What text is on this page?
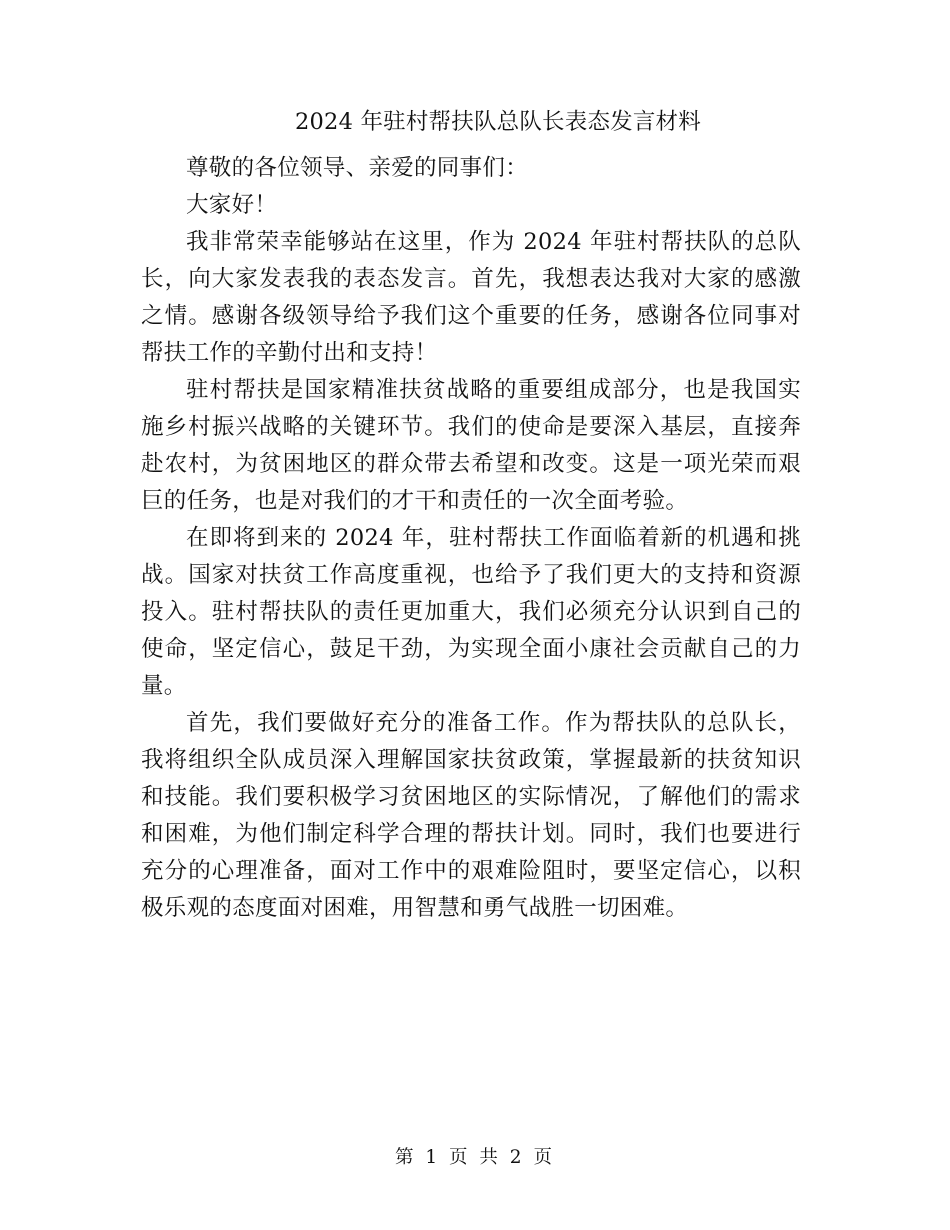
2024 年驻村帮扶队总队长表态发言材料

尊敬的各位领导、亲爱的同事们：

大家好！

我非常荣幸能够站在这里，作为 2024 年驻村帮扶队的总队长，向大家发表我的表态发言。首先，我想表达我对大家的感激之情。感谢各级领导给予我们这个重要的任务，感谢各位同事对帮扶工作的辛勤付出和支持！

驻村帮扶是国家精准扶贫战略的重要组成部分，也是我国实施乡村振兴战略的关键环节。我们的使命是要深入基层，直接奔赴农村，为贫困地区的群众带去希望和改变。这是一项光荣而艰巨的任务，也是对我们的才干和责任的一次全面考验。

在即将到来的 2024 年，驻村帮扶工作面临着新的机遇和挑战。国家对扶贫工作高度重视，也给予了我们更大的支持和资源投入。驻村帮扶队的责任更加重大，我们必须充分认识到自己的使命，坚定信心，鼓足干劲，为实现全面小康社会贡献自己的力量。

首先，我们要做好充分的准备工作。作为帮扶队的总队长，我将组织全队成员深入理解国家扶贫政策，掌握最新的扶贫知识和技能。我们要积极学习贫困地区的实际情况，了解他们的需求和困难，为他们制定科学合理的帮扶计划。同时，我们也要进行充分的心理准备，面对工作中的艰难险阻时，要坚定信心，以积极乐观的态度面对困难，用智慧和勇气战胜一切困难。

第 1 页 共 2 页
